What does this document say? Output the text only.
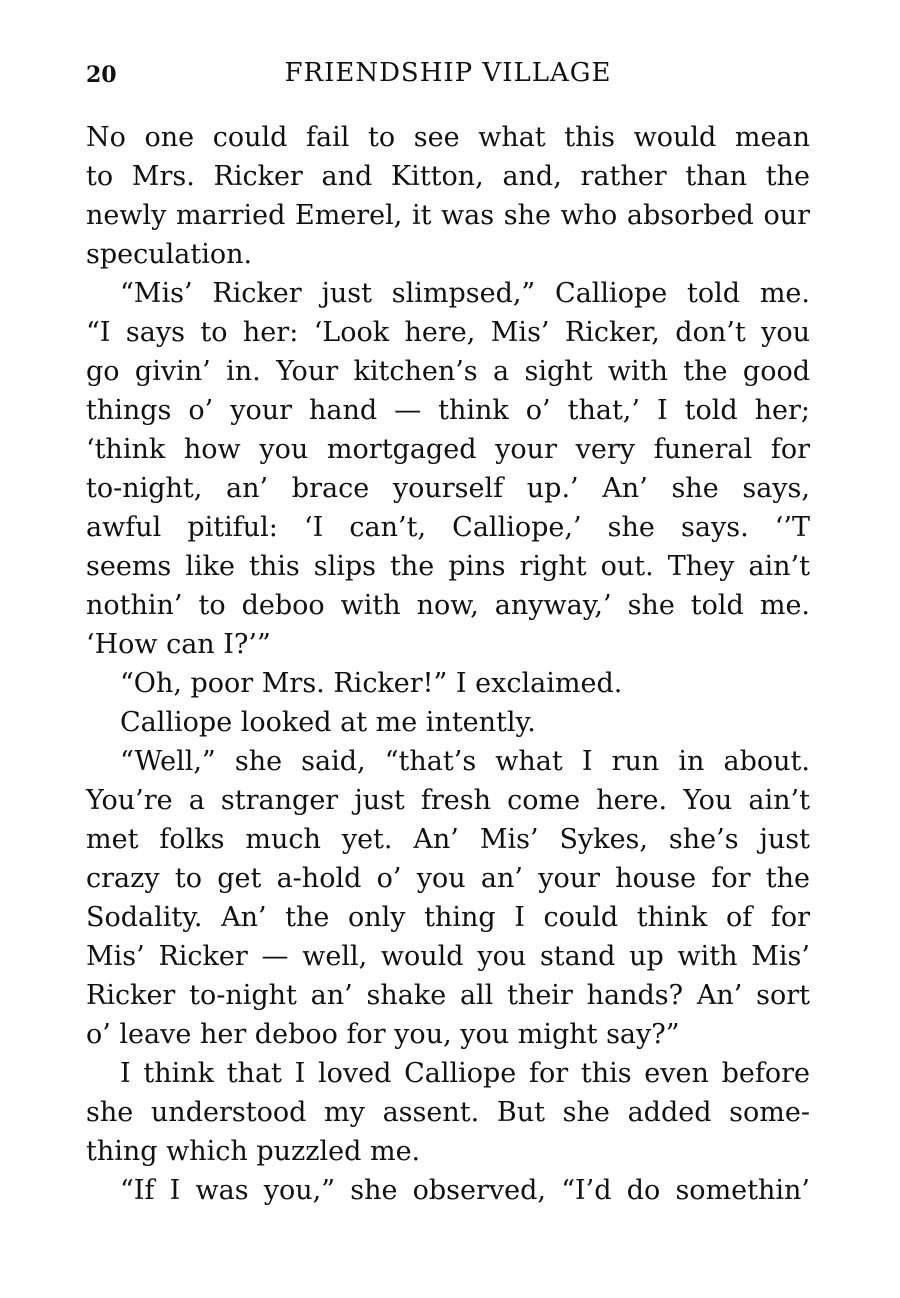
20	FRIENDSHIP VILLAGE
No one could fail to see what this would mean
to Mrs. Ricker and Kitton, and, rather than the
newly married Emerel, it was she who absorbed our
speculation.
“Mis’ Ricker just slimpsed,” Calliope told me.
“I says to her: ‘Look here, Mis’ Ricker, don’t you
go givin’ in. Your kitchen’s a sight with the good
things o’ your hand — think o’ that,’ I told her;
‘think how you mortgaged your very funeral for
to-night, an’ brace yourself up.’ An’ she says,
awful pitiful: ‘I can’t, Calliope,’ she says. ‘’T
seems like this slips the pins right out. They ain’t
nothin’ to deboo with now, anyway,’ she told me.
‘How can I?’”
“Oh, poor Mrs. Ricker!” I exclaimed.
Calliope looked at me intently.
“Well,” she said, “that’s what I run in about.
You’re a stranger just fresh come here. You ain’t
met folks much yet. An’ Mis’ Sykes, she’s just
crazy to get a-hold o’ you an’ your house for the
Sodality. An’ the only thing I could think of for
Mis’ Ricker — well, would you stand up with Mis’
Ricker to-night an’ shake all their hands? An’ sort
o’ leave her deboo for you, you might say?”
I think that I loved Calliope for this even before
she understood my assent. But she added some-
thing which puzzled me.
“If I was you,” she observed, “I’d do somethin’
